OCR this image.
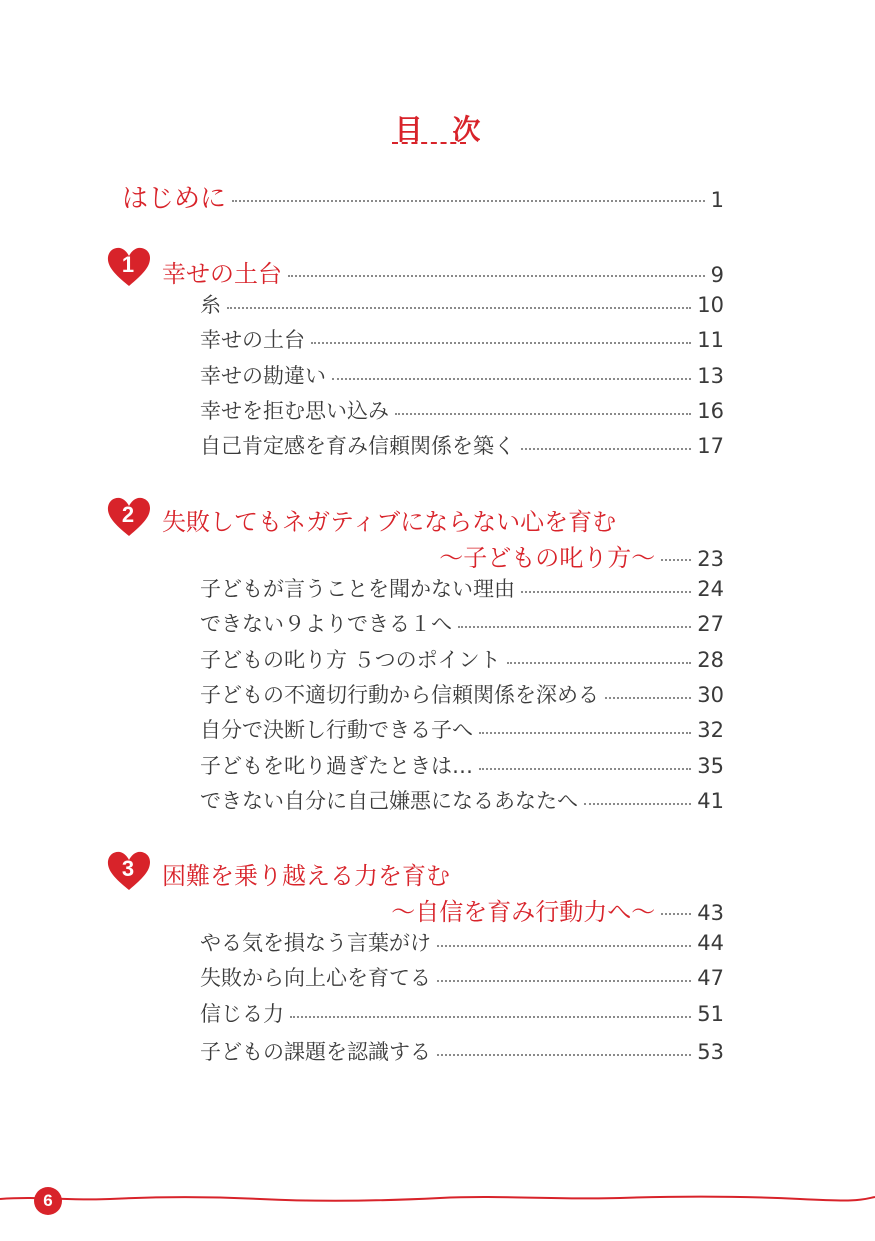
目 次
はじめに	1
1	幸せの土台	9
糸	10
幸せの土台	11
幸せの勘違い	13
幸せを拒む思い込み	16
自己肯定感を育み信頼関係を築く	17
2	失敗してもネガティブにならない心を育む
〜子どもの叱り方〜 23
子どもが言うことを聞かない理由	24
できない９よりできる１へ	27
子どもの叱り方 ５つのポイント	28
子どもの不適切行動から信頼関係を深める	30
自分で決断し行動できる子へ	32
子どもを叱り過ぎたときは…	35
できない自分に自己嫌悪になるあなたへ	41
3	困難を乗り越える力を育む
〜自信を育み行動力へ〜 43
やる気を損なう言葉がけ	44
失敗から向上心を育てる	47
信じる力	51
子どもの課題を認識する	53
6
